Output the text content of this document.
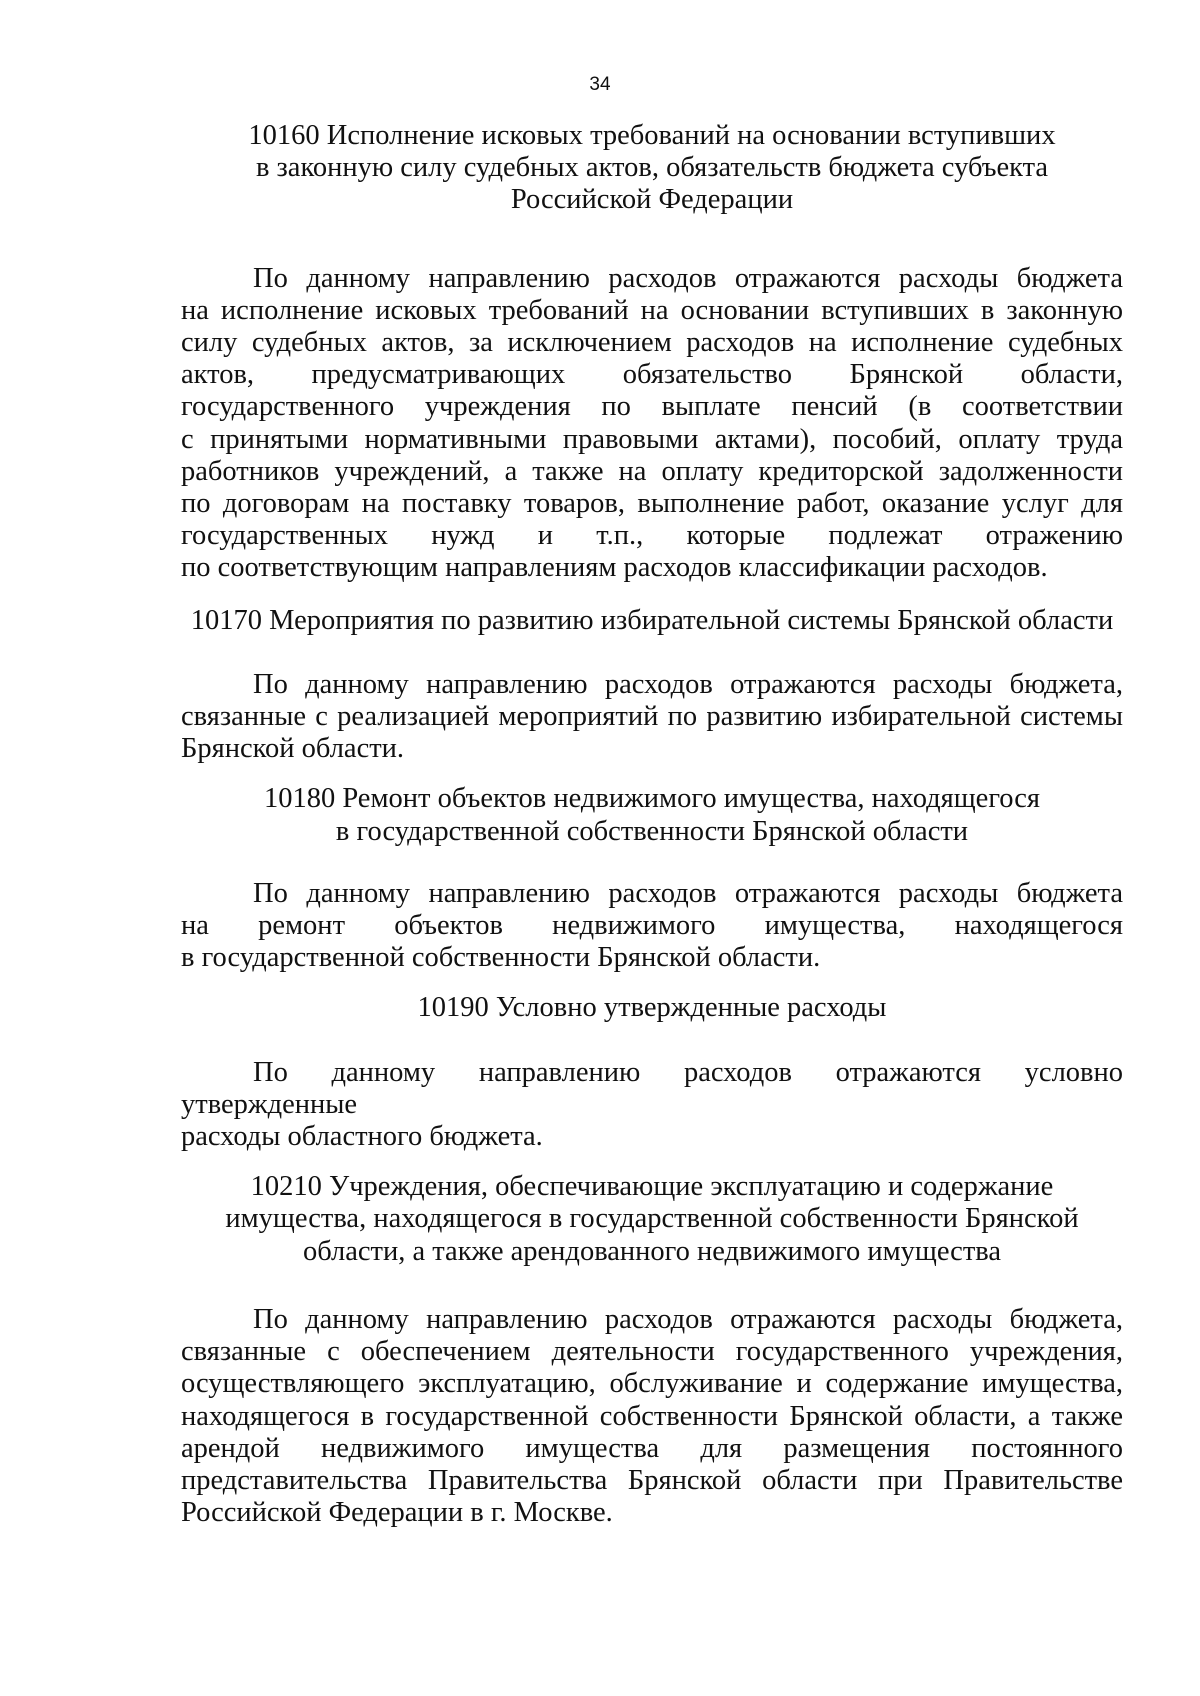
34
10160 Исполнение исковых требований на основании вступивших
в законную силу судебных актов, обязательств бюджета субъекта
Российской Федерации
По данному направлению расходов отражаются расходы бюджета
на исполнение исковых требований на основании вступивших в законную
силу судебных актов, за исключением расходов на исполнение судебных
актов, предусматривающих обязательство Брянской области,
государственного учреждения по выплате пенсий (в соответствии
с принятыми нормативными правовыми актами), пособий, оплату труда
работников учреждений, а также на оплату кредиторской задолженности
по договорам на поставку товаров, выполнение работ, оказание услуг для
государственных нужд и т.п., которые подлежат отражению
по соответствующим направлениям расходов классификации расходов.
10170 Мероприятия по развитию избирательной системы Брянской области
По данному направлению расходов отражаются расходы бюджета,
связанные с реализацией мероприятий по развитию избирательной системы
Брянской области.
10180 Ремонт объектов недвижимого имущества, находящегося
в государственной собственности Брянской области
По данному направлению расходов отражаются расходы бюджета
на ремонт объектов недвижимого имущества, находящегося
в государственной собственности Брянской области.
10190 Условно утвержденные расходы
По данному направлению расходов отражаются условно утвержденные
расходы областного бюджета.
10210 Учреждения, обеспечивающие эксплуатацию и содержание
имущества, находящегося в государственной собственности Брянской
области, а также арендованного недвижимого имущества
По данному направлению расходов отражаются расходы бюджета,
связанные с обеспечением деятельности государственного учреждения,
осуществляющего эксплуатацию, обслуживание и содержание имущества,
находящегося в государственной собственности Брянской области, а также
арендой недвижимого имущества для размещения постоянного
представительства Правительства Брянской области при Правительстве
Российской Федерации в г. Москве.
